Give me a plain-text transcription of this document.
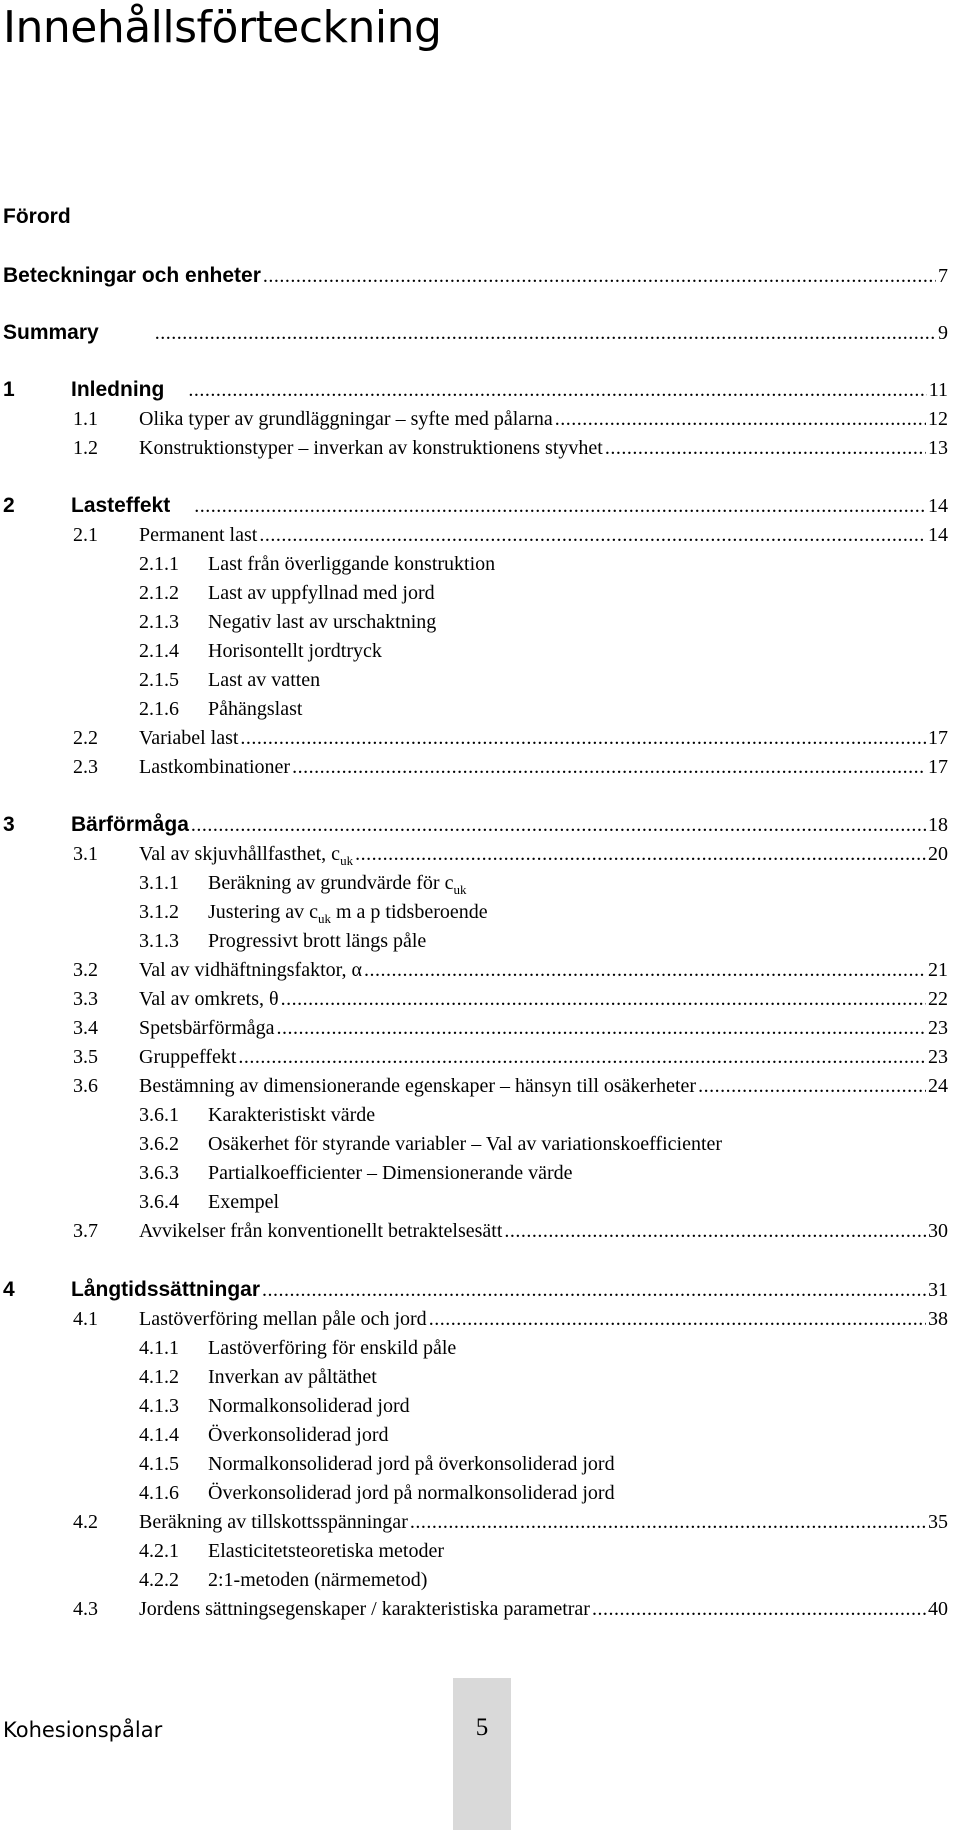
Innehållsförteckning
Förord
Beteckningar och enheter .....	7
Summary .....	9
1	Inledning .....	11
1.1 Olika typer av grundläggningar – syfte med pålarna .....	12
1.2 Konstruktionstyper – inverkan av konstruktionens styvhet .....	13
2	Lasteffekt .....	14
2.1 Permanent last .....	14
2.1.1 Last från överliggande konstruktion
2.1.2 Last av uppfyllnad med jord
2.1.3 Negativ last av urschaktning
2.1.4 Horisontellt jordtryck
2.1.5 Last av vatten
2.1.6 Påhängslast
2.2 Variabel last .....	17
2.3 Lastkombinationer .....	17
3	Bärförmåga .....	18
3.1 Val av skjuvhållfasthet, $c_{uk}$ .....	20
3.1.1 Beräkning av grundvärde för $c_{uk}$
3.1.2 Justering av $c_{uk}$ m a p tidsberoende
3.1.3 Progressivt brott längs påle
3.2 Val av vidhäftningsfaktor, α .....	21
3.3 Val av omkrets, θ .....	22
3.4 Spetsbärförmåga .....	23
3.5 Gruppeffekt .....	23
3.6 Bestämning av dimensionerande egenskaper – hänsyn till osäkerheter .....	24
3.6.1 Karakteristiskt värde
3.6.2 Osäkerhet för styrande variabler – Val av variationskoefficienter
3.6.3 Partialkoefficienter – Dimensionerande värde
3.6.4 Exempel
3.7 Avvikelser från konventionellt betraktelsesätt .....	30
4	Långtidssättningar .....	31
4.1 Lastöverföring mellan påle och jord .....	38
4.1.1 Lastöverföring för enskild påle
4.1.2 Inverkan av påltäthet
4.1.3 Normalkonsoliderad jord
4.1.4 Överkonsoliderad jord
4.1.5 Normalkonsoliderad jord på överkonsoliderad jord
4.1.6 Överkonsoliderad jord på normalkonsoliderad jord
4.2 Beräkning av tillskottsspänningar .....	35
4.2.1 Elasticitetsteoretiska metoder
4.2.2 2:1-metoden (närmemetod)
4.3 Jordens sättningsegenskaper / karakteristiska parametrar .....	40
Kohesionspålar	5
